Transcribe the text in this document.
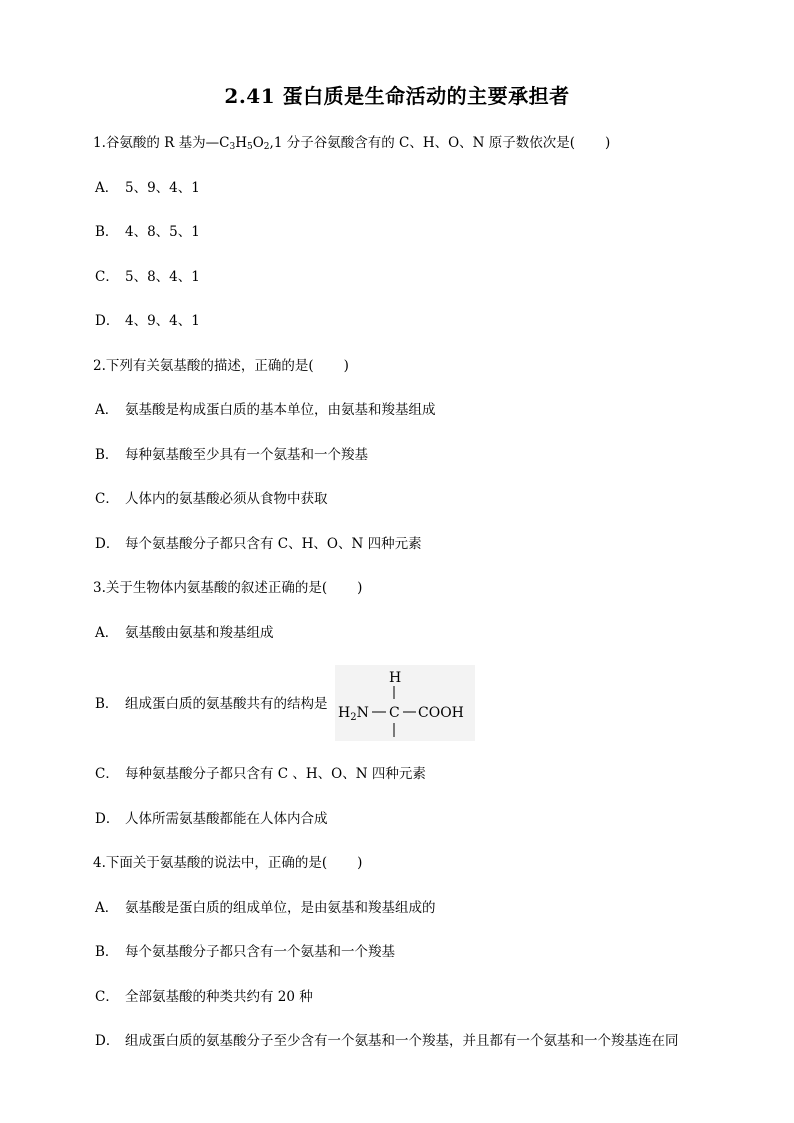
2.41 蛋白质是生命活动的主要承担者
1.谷氨酸的 R 基为$—C_3H_5O_2,1$ 分子谷氨酸含有的 C、H、O、N 原子数依次是( )
A． 5、9、4、1
B． 4、8、5、1
C． 5、8、4、1
D． 4、9、4、1
2.下列有关氨基酸的描述，正确的是( )
A． 氨基酸是构成蛋白质的基本单位，由氨基和羧基组成
B． 每种氨基酸至少具有一个氨基和一个羧基
C． 人体内的氨基酸必须从食物中获取
D． 每个氨基酸分子都只含有 C、H、O、N 四种元素
3.关于生物体内氨基酸的叙述正确的是( )
A． 氨基酸由氨基和羧基组成
B． 组成蛋白质的氨基酸共有的结构是
H
$H_2N$ C COOH
C． 每种氨基酸分子都只含有 C 、H、O、N 四种元素
D． 人体所需氨基酸都能在人体内合成
4.下面关于氨基酸的说法中，正确的是( )
A． 氨基酸是蛋白质的组成单位，是由氨基和羧基组成的
B． 每个氨基酸分子都只含有一个氨基和一个羧基
C． 全部氨基酸的种类共约有 20 种
D． 组成蛋白质的氨基酸分子至少含有一个氨基和一个羧基，并且都有一个氨基和一个羧基连在同
